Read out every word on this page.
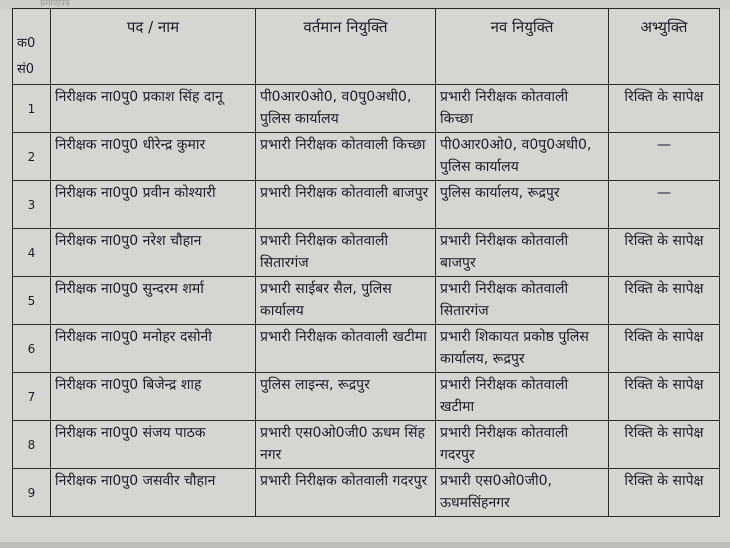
प्रमाणपत्र
क0 सं0	पद / नाम	वर्तमान नियुक्ति	नव नियुक्ति	अभ्युक्ति
1	निरीक्षक ना0पु0 प्रकाश सिंह दानू	पी0आर0ओ0, व0पु0अधी0, पुलिस कार्यालय	प्रभारी निरीक्षक कोतवाली किच्छा	रिक्ति के सापेक्ष
2	निरीक्षक ना0पु0 धीरेन्द्र कुमार	प्रभारी निरीक्षक कोतवाली किच्छा	पी0आर0ओ0, व0पु0अधी0, पुलिस कार्यालय	—
3	निरीक्षक ना0पु0 प्रवीन कोश्यारी	प्रभारी निरीक्षक कोतवाली बाजपुर	पुलिस कार्यालय, रूद्रपुर	—
4	निरीक्षक ना0पु0 नरेश चौहान	प्रभारी निरीक्षक कोतवाली सितारगंज	प्रभारी निरीक्षक कोतवाली बाजपुर	रिक्ति के सापेक्ष
5	निरीक्षक ना0पु0 सुन्दरम शर्मा	प्रभारी साईबर सैल, पुलिस कार्यालय	प्रभारी निरीक्षक कोतवाली सितारगंज	रिक्ति के सापेक्ष
6	निरीक्षक ना0पु0 मनोहर दसोनी	प्रभारी निरीक्षक कोतवाली खटीमा	प्रभारी शिकायत प्रकोष्ठ पुलिस कार्यालय, रूद्रपुर	रिक्ति के सापेक्ष
7	निरीक्षक ना0पु0 बिजेन्द्र शाह	पुलिस लाइन्स, रूद्रपुर	प्रभारी निरीक्षक कोतवाली खटीमा	रिक्ति के सापेक्ष
8	निरीक्षक ना0पु0 संजय पाठक	प्रभारी एस0ओ0जी0 ऊधम सिंह नगर	प्रभारी निरीक्षक कोतवाली गदरपुर	रिक्ति के सापेक्ष
9	निरीक्षक ना0पु0 जसवीर चौहान	प्रभारी निरीक्षक कोतवाली गदरपुर	प्रभारी एस0ओ0जी0, ऊधमसिंहनगर	रिक्ति के सापेक्ष
